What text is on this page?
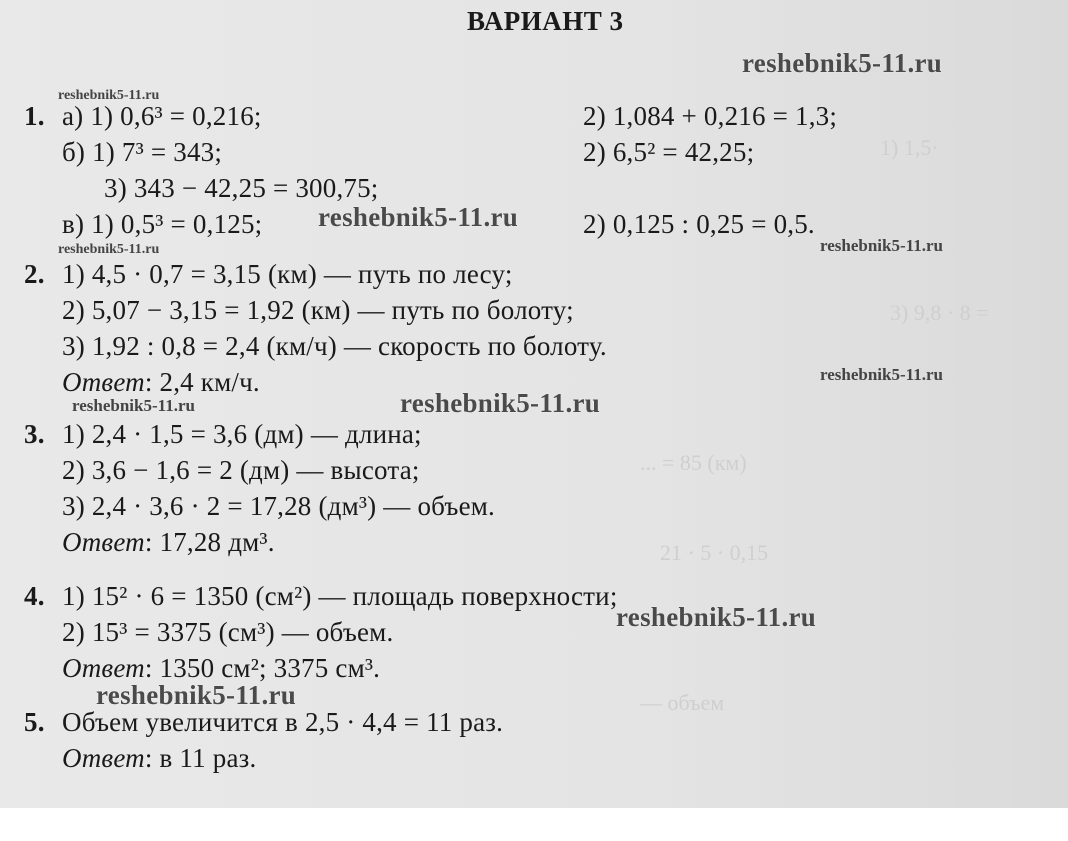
1) 1,5·
3) 9,8 · 8 =
... = 85 (км)
21 · 5 · 0,15
— объем
ВАРИАНТ 3
reshebnik5-11.ru
reshebnik5-11.ru
reshebnik5-11.ru	reshebnik5-11.ru
reshebnik5-11.ru
reshebnik5-11.ru	reshebnik5-11.ru
reshebnik5-11.ru
reshebnik5-11.ru
1. а) 1) 0,6³ = 0,216;	2) 1,084 + 0,216 = 1,3;
б) 1) 7³ = 343;	2) 6,5² = 42,25;
3) 343 − 42,25 = 300,75;
в) 1) 0,5³ = 0,125; reshebnik5-11.ru 2) 0,125 : 0,25 = 0,5.
2. 1) 4,5 · 0,7 = 3,15 (км) — путь по лесу;
2) 5,07 − 3,15 = 1,92 (км) — путь по болоту;
3) 1,92 : 0,8 = 2,4 (км/ч) — скорость по болоту.
Ответ: 2,4 км/ч.
3. 1) 2,4 · 1,5 = 3,6 (дм) — длина;
2) 3,6 − 1,6 = 2 (дм) — высота;
3) 2,4 · 3,6 · 2 = 17,28 (дм³) — объем.
Ответ: 17,28 дм³.
4. 1) 15² · 6 = 1350 (см²) — площадь поверхности;
2) 15³ = 3375 (см³) — объем.
Ответ: 1350 см²; 3375 см³.
5. Объем увеличится в 2,5 · 4,4 = 11 раз.
Ответ: в 11 раз.
